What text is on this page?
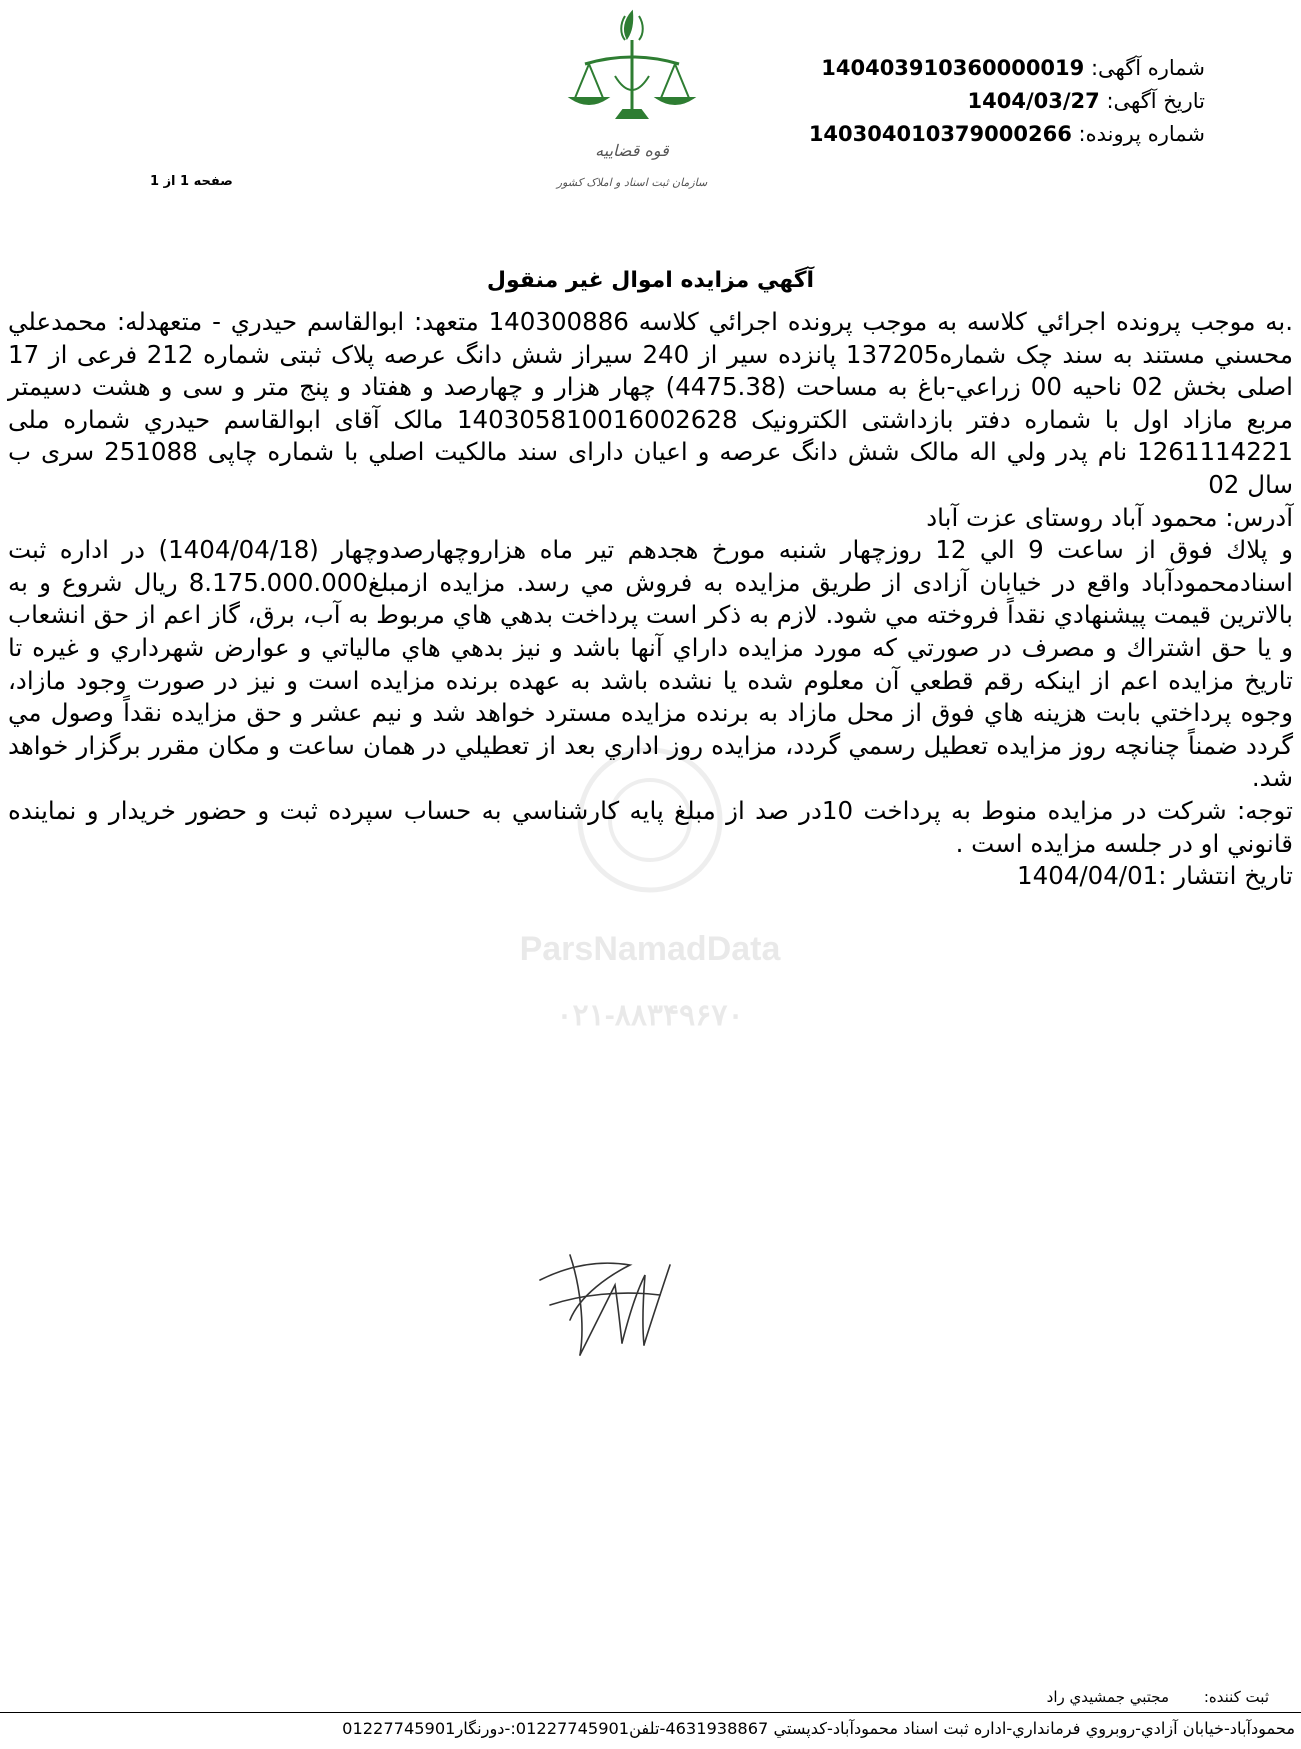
شماره آگهی: 140403910360000019
تاريخ آگهی: 1404/03/27
شماره پرونده: 140304010379000266
صفحه 1 از 1
قوه قضاییه
سازمان ثبت اسناد و املاک کشور
آگهي مزايده اموال غير منقول
ParsNamadData
۰۲۱-۸۸۳۴۹۶۷۰

.به موجب پرونده اجرائي كلاسه به موجب پرونده اجرائي كلاسه 140300886 متعهد: ابوالقاسم حيدري - متعهدله: محمدعلي محسني مستند به سند چک شماره137205 پانزده سير از 240 سيراز شش دانگ عرصه پلاک ثبتی شماره 212 فرعی از 17 اصلی بخش 02 ناحيه 00 زراعي-باغ به مساحت (4475.38) چهار هزار و چهارصد و هفتاد و پنج متر و سی و هشت دسيمتر مربع مازاد اول با شماره دفتر بازداشتی الکترونيک 140305810016002628 مالک آقای ابوالقاسم حيدري شماره ملی 1261114221 نام پدر ولي اله مالک شش دانگ عرصه و اعيان دارای سند مالكيت اصلي با شماره چاپی 251088 سری ب سال 02

آدرس: محمود آباد روستای عزت آباد

و پلاك فوق از ساعت 9 الي 12 روزچهار شنبه مورخ هجدهم تير ماه هزاروچهارصدوچهار (1404/04/18) در اداره ثبت اسنادمحمودآباد واقع در خيابان آزادی از طريق مزايده به فروش مي رسد. مزايده ازمبلغ8.175.000.000 ريال شروع و به بالاترين قيمت پيشنهادي نقداً فروخته مي شود. لازم به ذكر است پرداخت بدهي هاي مربوط به آب، برق، گاز اعم از حق انشعاب و يا حق اشتراك و مصرف در صورتي كه مورد مزايده داراي آنها باشد و نيز بدهي هاي مالياتي و عوارض شهرداري و غيره تا تاريخ مزايده اعم از اينكه رقم قطعي آن معلوم شده يا نشده باشد به عهده برنده مزايده است و نيز در صورت وجود مازاد، وجوه پرداختي بابت هزينه هاي فوق از محل مازاد به برنده مزايده مسترد خواهد شد و نيم عشر و حق مزايده نقداً وصول مي گردد ضمناً چنانچه روز مزايده تعطيل رسمي گردد، مزايده روز اداري بعد از تعطيلي در همان ساعت و مكان مقرر برگزار خواهد شد.

توجه: شرکت در مزايده منوط به پرداخت 10در صد از مبلغ پايه كارشناسي به حساب سپرده ثبت و حضور خريدار و نماينده قانوني او در جلسه مزايده است .

تاريخ انتشار :1404/04/01

ثبت كننده: مجتبي جمشيدي راد
محمودآباد-خيابان آزادي-روبروي فرمانداري-اداره ثبت اسناد محمودآباد-كدپستي 4631938867-تلفن01227745901:-دورنگار01227745901
